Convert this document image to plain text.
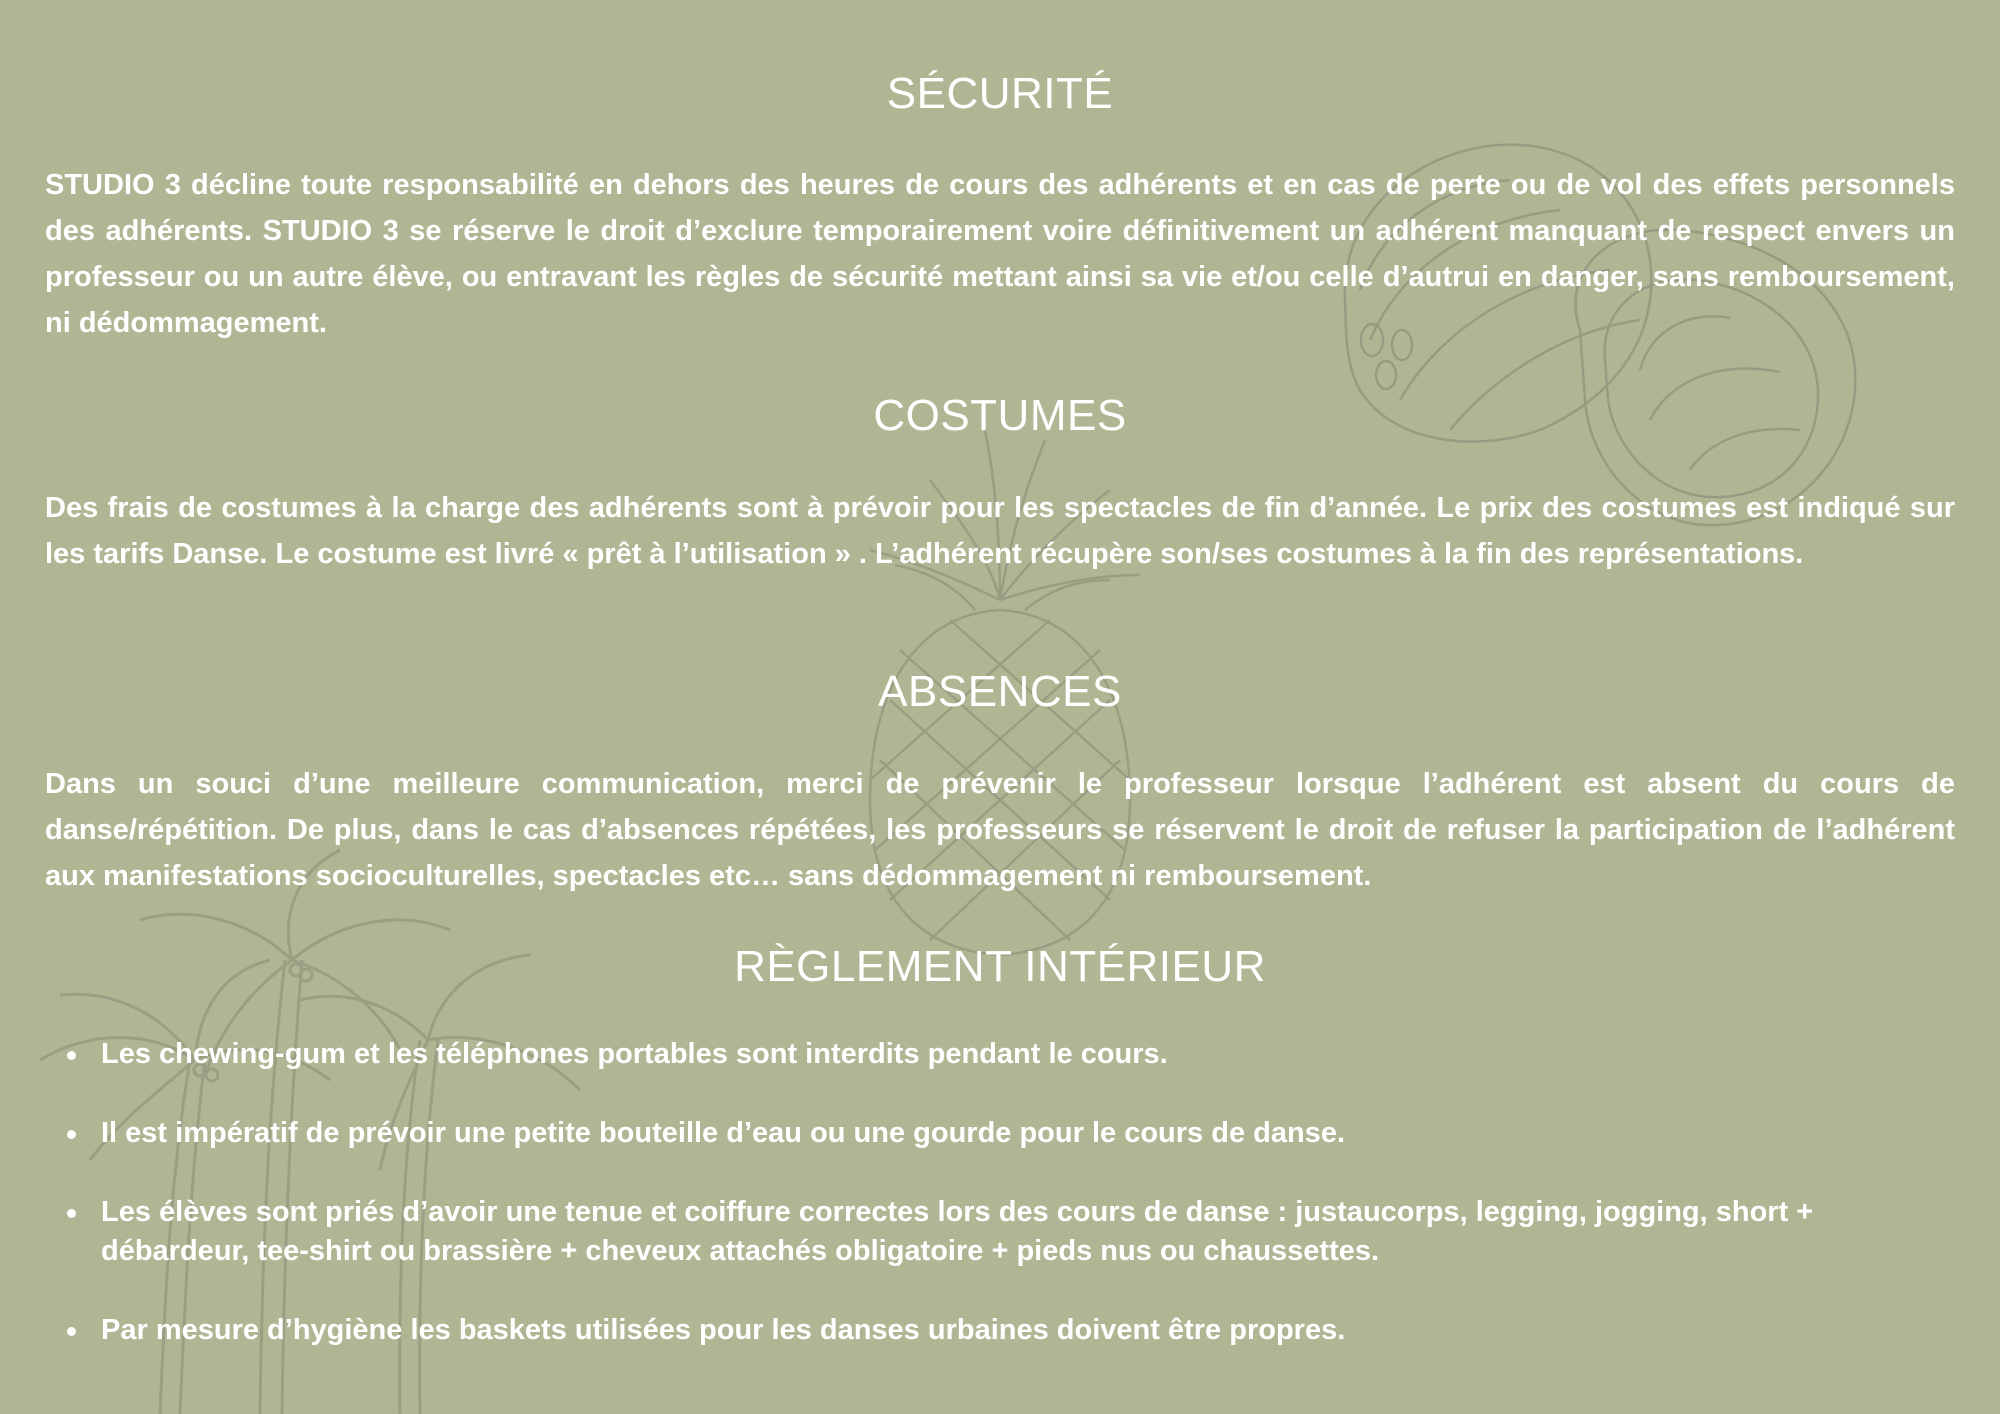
SÉCURITÉ

STUDIO 3 décline toute responsabilité en dehors des heures de cours des adhérents et en cas de perte ou de vol des effets personnels des adhérents. STUDIO 3 se réserve le droit d’exclure temporairement voire définitivement un adhérent manquant de respect envers un professeur ou un autre élève, ou entravant les règles de sécurité mettant ainsi sa vie et/ou celle d’autrui en danger, sans remboursement, ni dédommagement.

COSTUMES

Des frais de costumes à la charge des adhérents sont à prévoir pour les spectacles de fin d’année. Le prix des costumes est indiqué sur les tarifs Danse. Le costume est livré « prêt à l’utilisation » . L’adhérent récupère son/ses costumes à la fin des représentations.

ABSENCES

Dans un souci d’une meilleure communication, merci de prévenir le professeur lorsque l’adhérent est absent du cours de danse/répétition. De plus, dans le cas d’absences répétées, les professeurs se réservent le droit de refuser la participation de l’adhérent aux manifestations socioculturelles, spectacles etc… sans dédommagement ni remboursement.

RÈGLEMENT INTÉRIEUR
Les chewing-gum et les téléphones portables sont interdits pendant le cours.
Il est impératif de prévoir une petite bouteille d’eau ou une gourde pour le cours de danse.
Les élèves sont priés d’avoir une tenue et coiffure correctes lors des cours de danse : justaucorps, legging, jogging, short + débardeur, tee-shirt ou brassière + cheveux attachés obligatoire + pieds nus ou chaussettes.
Par mesure d’hygiène les baskets utilisées pour les danses urbaines doivent être propres.
